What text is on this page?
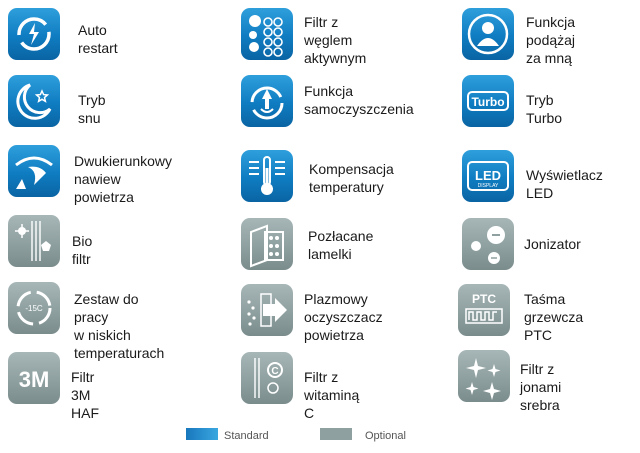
Auto restart
Filtr z węglem
aktywnym
Funkcja
podążaj za mną
Tryb snu
Funkcja
samoczyszczenia	Turbo Tryb Turbo
Dwukierunkowy
nawiew powietrza
Kompensacja
temperatury
LED
DISPLAY
Wyświetlacz LED
Bio filtr
Pozłacane
lamelki
Jonizator
-15C
Zestaw do pracy
w niskich temperaturach
Plazmowy
oczyszczacz powietrza
PTC Taśma grzewcza
PTC
3M Filtr 3M HAF
C Filtr z witaminą C
Filtr z jonami
srebra
Standard	Optional
